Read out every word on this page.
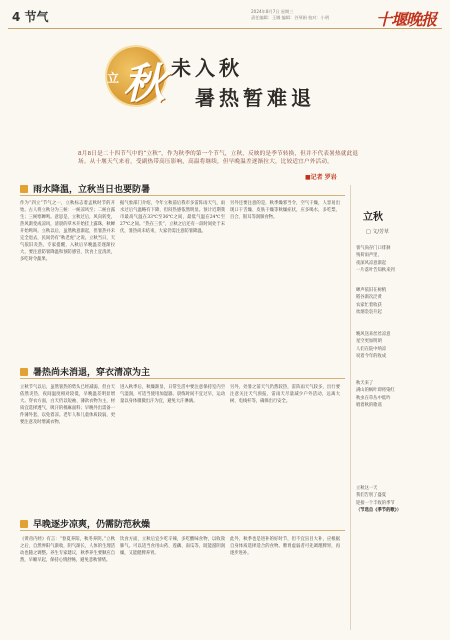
4 节气	2024年8月7日 星期三
责任编辑：王娜 编辑：谷琴娟 校对：小明	十堰晚报
立 秋 未入秋
暑热暂难退
8月8日是二十四节气中的“立秋”，作为秋季的第一个节气，立秋，反映的是季节转换，但并不代表暑热就此退场。从十堰天气来看，受副热带高压影响，高温将继续，但早晚温差逐渐拉大，比较适宜户外活动。
■记者 罗岩
雨水降温，立秋当日也要防暑
作为“四立”节气之一，立秋标志着孟秋时节的开始。古人将立秋分为三候：一候凉风至；二候白露生；三候寒蝉鸣。意思是，立秋过后，风向转变，热风渐变成凉风，清晨的草木开始挂上露珠，秋蝉开始鸣叫。立秋以后，虽然秋意渐起，但暑热并未完全退去，民间仍有“秋老虎”之说。立秋当日，天气依旧炎热。专家提醒，入秋后早晚温差逐渐拉大，要注意防暑降温和预防感冒，饮食上宜清淡，多吃时令蔬果。
据气象部门介绍，今年立秋前后我市多雷阵雨天气，雨水过后气温略有下降，但闷热感依然明显。预计近期我市最高气温在33℃至36℃之间，最低气温在24℃至27℃之间。“热在三伏”，立秋之后还有一段时间处于末伏，暑热尚未结束，大家仍需注意防暑降温。
另外还要注意的是，秋季燥邪当令，空气干燥，人容易出现口干舌燥、皮肤干燥等秋燥症状，应多喝水，多吃梨、百合、银耳等润肺食物。
暑热尚未消退，穿衣清凉为主
立秋节气以后，虽然暑热的势头已经减弱，但白天依然炎热，夜间温度相对较低，早晚温差明显增大。穿衣方面，白天仍以短袖、薄款衣物为主，材质宜选择透气、吸汗的棉麻面料；早晚外出需备一件薄外套，以免着凉。老年人和儿童体质较弱，更要注意及时增减衣物。
进入秋季后，秋燥渐显，日常生活中要注意保持室内空气湿润，可适当使用加湿器。晨练时间不宜过早，运动量以身体微微出汗为宜，避免大汗淋漓。
另外，处暑之前天气仍然较热，雷阵雨天气较多，出行要注意关注天气预报，雷雨天尽量减少户外活动，远离大树、电线杆等，确保出行安全。
早晚逐步凉爽，仍需防范秋燥
《黄帝内经》有言：“春夏养阳，秋冬养阴。”立秋之后，自然界阳气渐收，阴气渐长，人体的生理活动也随之调整。养生专家建议，秋季养生要顺应自然，早睡早起，保持心情舒畅，避免悲秋情绪。
饮食方面，立秋后宜少吃辛辣，多吃酸味食物，以收敛肺气。可以适当食用山药、莲藕、南瓜等，既能滋阴润燥，又能健脾养胃。
此外，秋季也是进补的好时节，但不宜盲目大补，应根据自身体质选择适合的食物。脾胃虚弱者可先调理脾胃，再逐步进补。
立秋
□ 文/芳草
暑气尚存门口徘徊
残荷雨声里，
夜深风凉意渐起
一片落叶告知秋来到
蝉声依旧在树梢
稻谷渐次泛黄
农家忙着收获
炊烟袅袅升起
晚风送来丝丝凉意
星空更加明朗
人们在院中纳凉
说着今年的收成
秋天来了
满山的枫叶即将染红
秋虫在草丛中低吟
唱着秋的歌谣
立秋这一天
我们告别了盛夏
迎接一个丰收的季节
（节选自《季节的歌》）
